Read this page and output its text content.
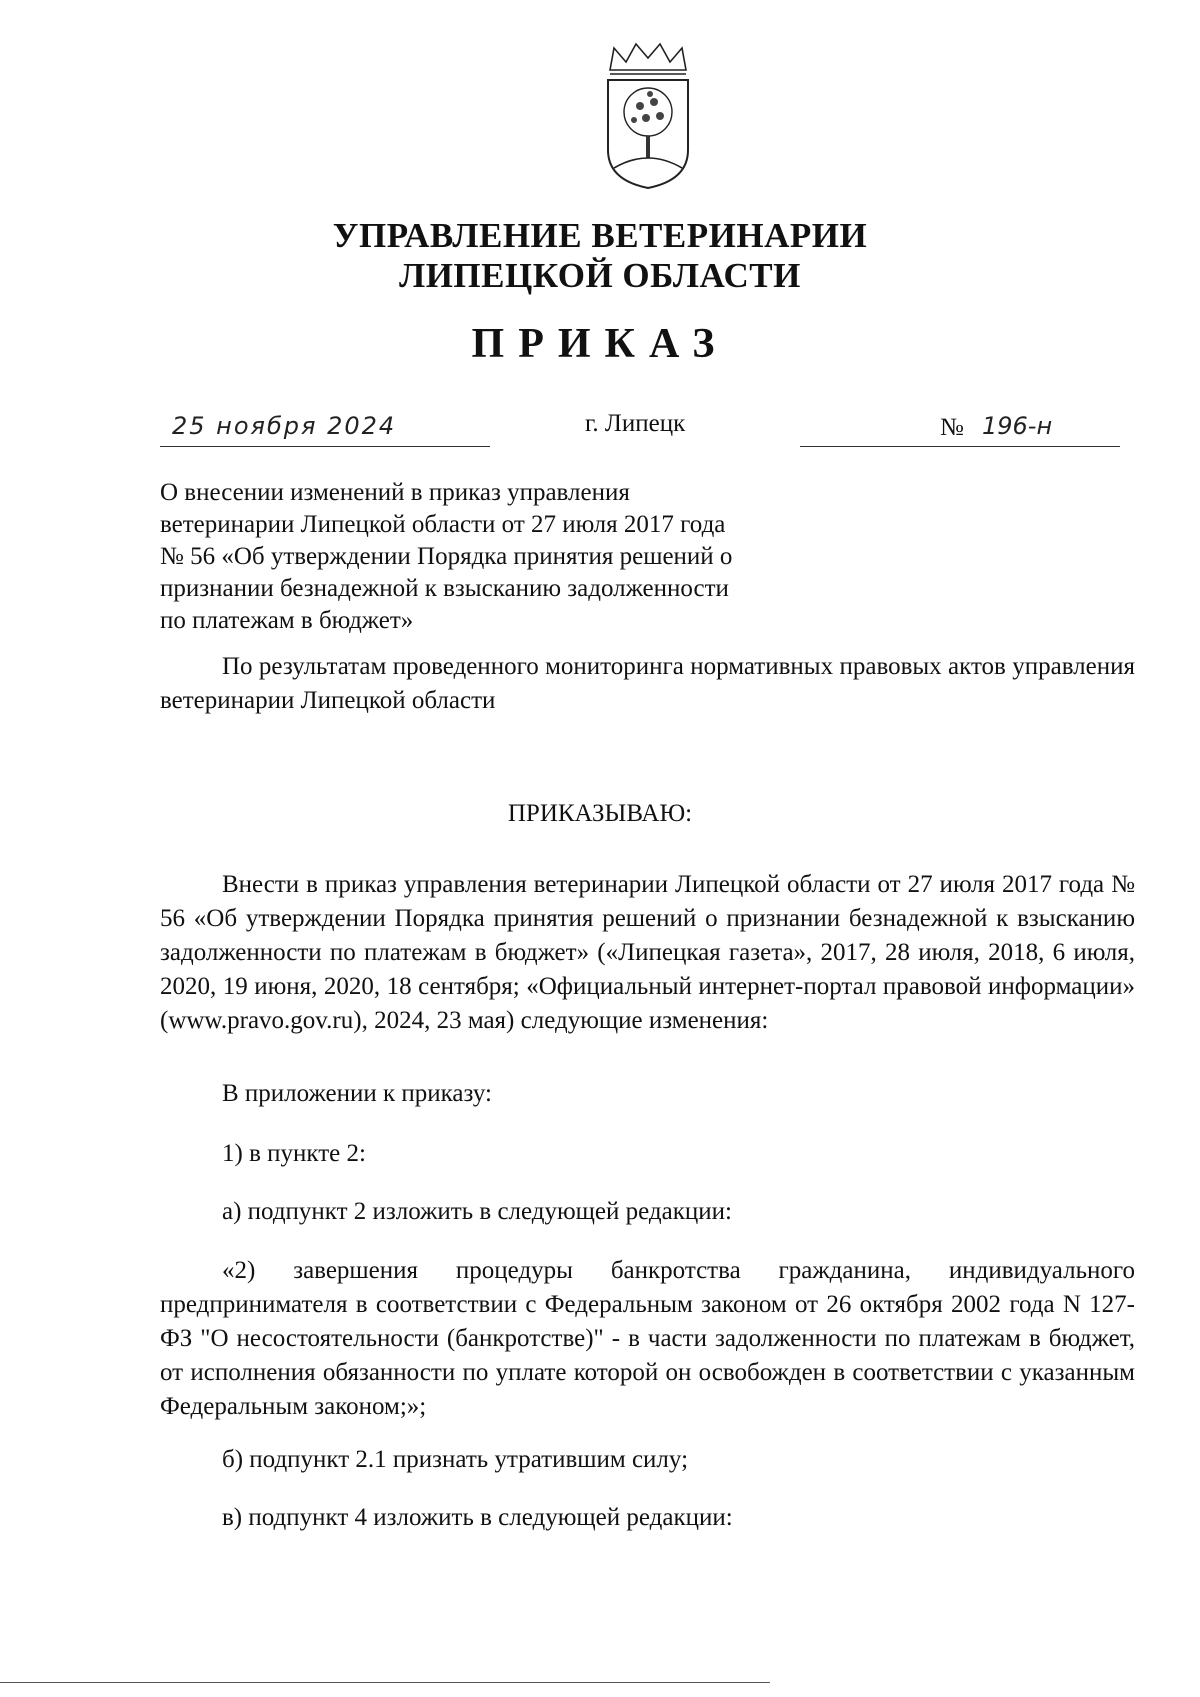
УПРАВЛЕНИЕ ВЕТЕРИНАРИИ
ЛИПЕЦКОЙ ОБЛАСТИ
ПРИКАЗ
25 ноября 2024	г. Липецк	№ 196-н
О внесении изменений в приказ управления ветеринарии Липецкой области от 27 июля 2017 года № 56 «Об утверждении Порядка принятия решений о признании безнадежной к взысканию задолженности по платежам в бюджет»

По результатам проведенного мониторинга нормативных правовых актов управления ветеринарии Липецкой области

ПРИКАЗЫВАЮ:

Внести в приказ управления ветеринарии Липецкой области от 27 июля 2017 года № 56 «Об утверждении Порядка принятия решений о признании безнадежной к взысканию задолженности по платежам в бюджет» («Липецкая газета», 2017, 28 июля, 2018, 6 июля, 2020, 19 июня, 2020, 18 сентября; «Официальный интернет-портал правовой информации» (www.pravo.gov.ru), 2024, 23 мая) следующие изменения:

В приложении к приказу:

1) в пункте 2:

а) подпункт 2 изложить в следующей редакции:

«2) завершения процедуры банкротства гражданина, индивидуального предпринимателя в соответствии с Федеральным законом от 26 октября 2002 года N 127-ФЗ "О несостоятельности (банкротстве)" - в части задолженности по платежам в бюджет, от исполнения обязанности по уплате которой он освобожден в соответствии с указанным Федеральным законом;»;

б) подпункт 2.1 признать утратившим силу;

в) подпункт 4 изложить в следующей редакции:
